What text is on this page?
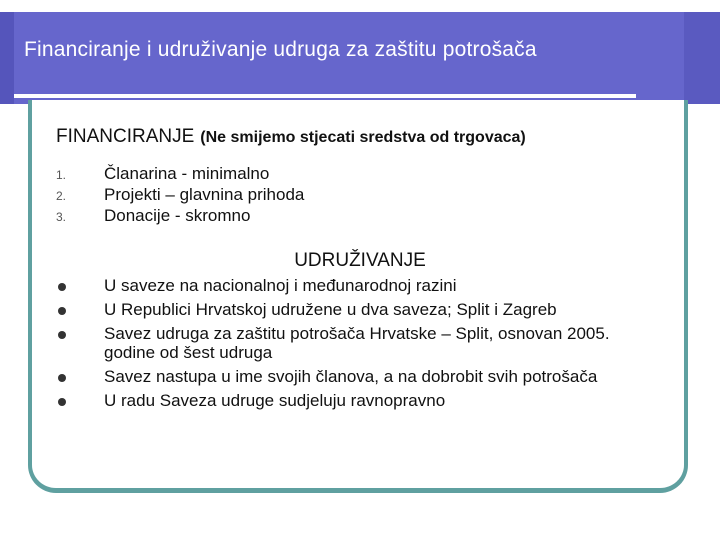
Financiranje i udruživanje udruga za zaštitu potrošača
FINANCIRANJE (Ne smijemo stjecati sredstva od trgovaca)
1. Članarina - minimalno
2. Projekti – glavnina prihoda
3. Donacije - skromno
UDRUŽIVANJE
U saveze na nacionalnoj i međunarodnoj razini
U Republici Hrvatskoj udružene u dva saveza; Split i Zagreb
Savez udruga za zaštitu potrošača Hrvatske – Split, osnovan 2005. godine od šest udruga
Savez nastupa u ime svojih članova, a na dobrobit svih potrošača
U radu Saveza udruge sudjeluju ravnopravno
